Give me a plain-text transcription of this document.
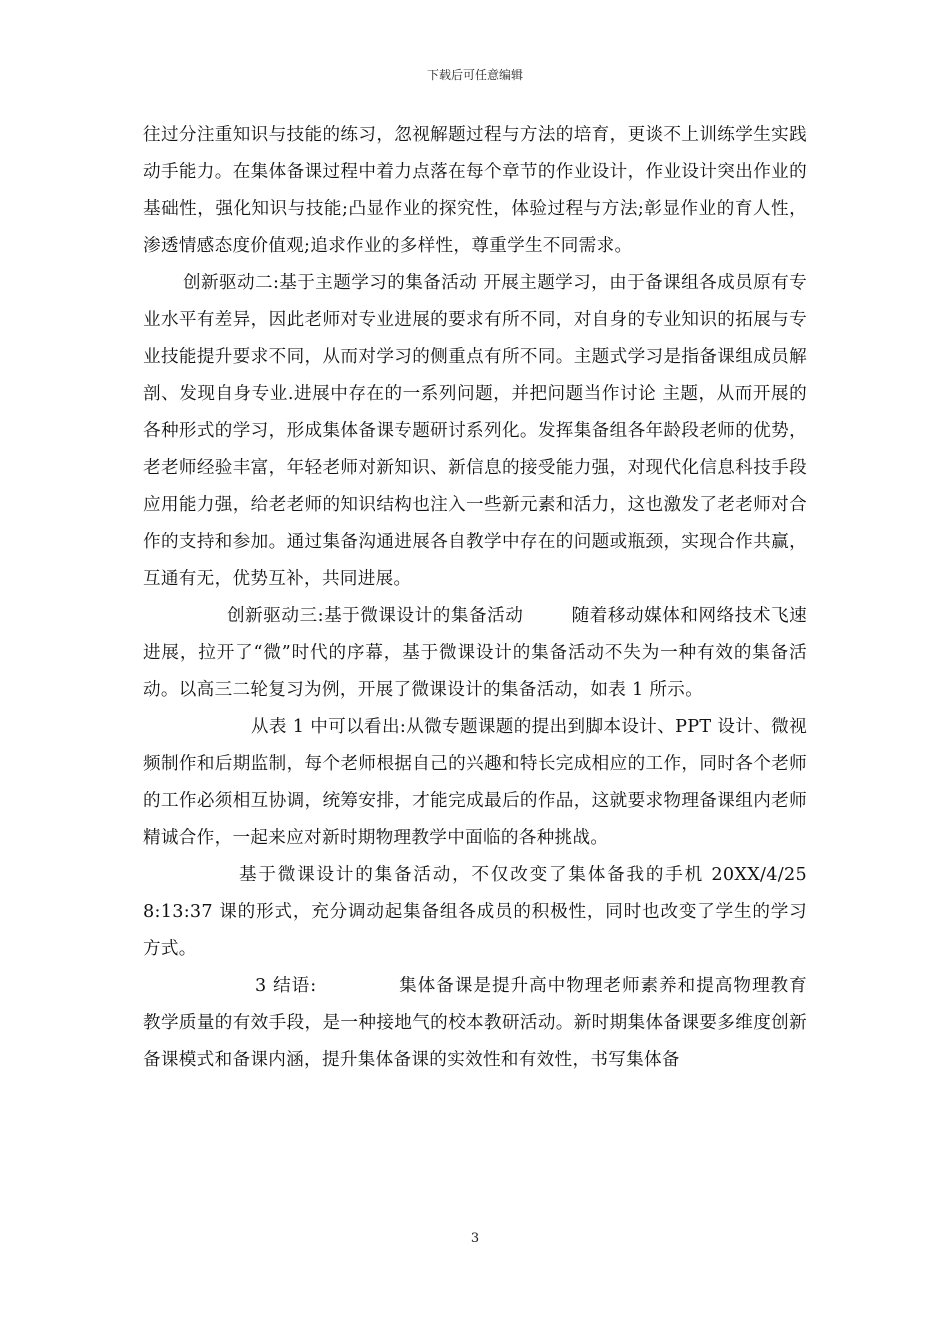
下载后可任意编辑

往过分注重知识与技能的练习，忽视解题过程与方法的培育，更谈不上训练学生实践动手能力。在集体备课过程中着力点落在每个章节的作业设计，作业设计突出作业的基础性，强化知识与技能;凸显作业的探究性，体验过程与方法;彰显作业的育人性，渗透情感态度价值观;追求作业的多样性，尊重学生不同需求。

创新驱动二:基于主题学习的集备活动 开展主题学习，由于备课组各成员原有专业水平有差异，因此老师对专业进展的要求有所不同，对自身的专业知识的拓展与专业技能提升要求不同，从而对学习的侧重点有所不同。主题式学习是指备课组成员解剖、发现自身专业.进展中存在的一系列问题，并把问题当作讨论 主题，从而开展的各种形式的学习，形成集体备课专题研讨系列化。发挥集备组各年龄段老师的优势，老老师经验丰富，年轻老师对新知识、新信息的接受能力强，对现代化信息科技手段应用能力强，给老老师的知识结构也注入一些新元素和活力，这也激发了老老师对合作的支持和参加。通过集备沟通进展各自教学中存在的问题或瓶颈，实现合作共赢，互通有无，优势互补，共同进展。

创新驱动三:基于微课设计的集备活动	随着移动媒体和网络技术飞速进展，拉开了“微”时代的序幕，基于微课设计的集备活动不失为一种有效的集备活动。以高三二轮复习为例，开展了微课设计的集备活动，如表 1 所示。

从表 1 中可以看出:从微专题课题的提出到脚本设计、PPT 设计、微视频制作和后期监制，每个老师根据自己的兴趣和特长完成相应的工作，同时各个老师的工作必须相互协调，统筹安排，才能完成最后的作品，这就要求物理备课组内老师精诚合作，一起来应对新时期物理教学中面临的各种挑战。

基于微课设计的集备活动，不仅改变了集体备我的手机 20XX/4/25 8:13:37 课的形式，充分调动起集备组各成员的积极性，同时也改变了学生的学习方式。

3 结语:	集体备课是提升高中物理老师素养和提高物理教育教学质量的有效手段，是一种接地气的校本教研活动。新时期集体备课要多维度创新备课模式和备课内涵，提升集体备课的实效性和有效性，书写集体备

3
